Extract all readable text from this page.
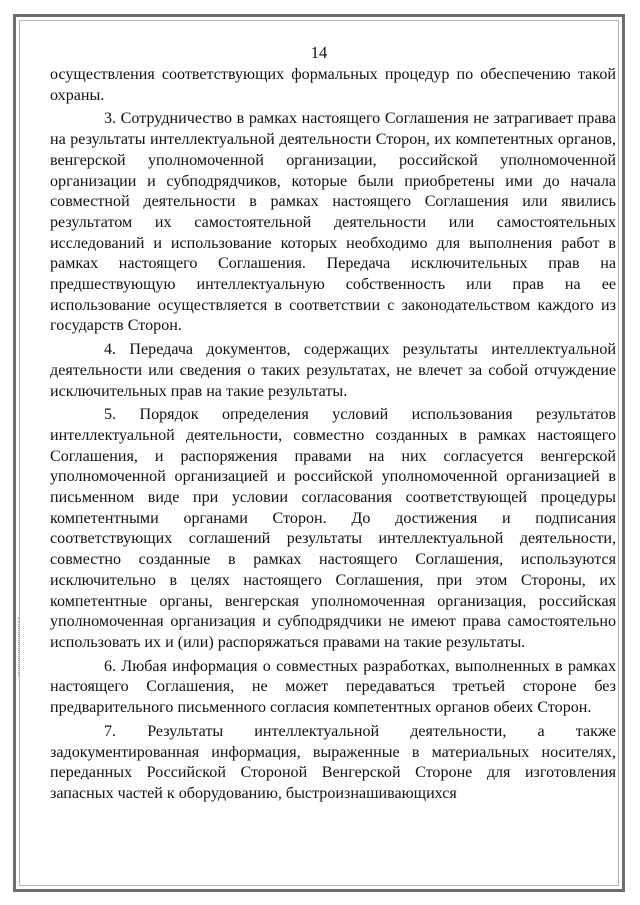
14

осуществления соответствующих формальных процедур по обеспечению такой охраны.

3. Сотрудничество в рамках настоящего Соглашения не затрагивает права на результаты интеллектуальной деятельности Сторон, их компетентных органов, венгерской уполномоченной организации, российской уполномоченной организации и субподрядчиков, которые были приобретены ими до начала совместной деятельности в рамках настоящего Соглашения или явились результатом их самостоятельной деятельности или самостоятельных исследований и использование которых необходимо для выполнения работ в рамках настоящего Соглашения. Передача исключительных прав на предшествующую интеллектуальную собственность или прав на ее использование осуществляется в соответствии с законодательством каждого из государств Сторон.

4. Передача документов, содержащих результаты интеллектуальной деятельности или сведения о таких результатах, не влечет за собой отчуждение исключительных прав на такие результаты.

5. Порядок определения условий использования результатов интеллектуальной деятельности, совместно созданных в рамках настоящего Соглашения, и распоряжения правами на них согласуется венгерской уполномоченной организацией и российской уполномоченной организацией в письменном виде при условии согласования соответствующей процедуры компетентными органами Сторон. До достижения и подписания соответствующих соглашений результаты интеллектуальной деятельности, совместно созданные в рамках настоящего Соглашения, используются исключительно в целях настоящего Соглашения, при этом Стороны, их компетентные органы, венгерская уполномоченная организация, российская уполномоченная организация и субподрядчики не имеют права самостоятельно использовать их и (или) распоряжаться правами на такие результаты.

6. Любая информация о совместных разработках, выполненных в рамках настоящего Соглашения, не может передаваться третьей стороне без предварительного письменного согласия компетентных органов обеих Сторон.

7. Результаты интеллектуальной деятельности, а также задокументированная информация, выраженные в материальных носителях, переданных Российской Стороной Венгерской Стороне для изготовления запасных частей к оборудованию, быстроизнашивающихся
